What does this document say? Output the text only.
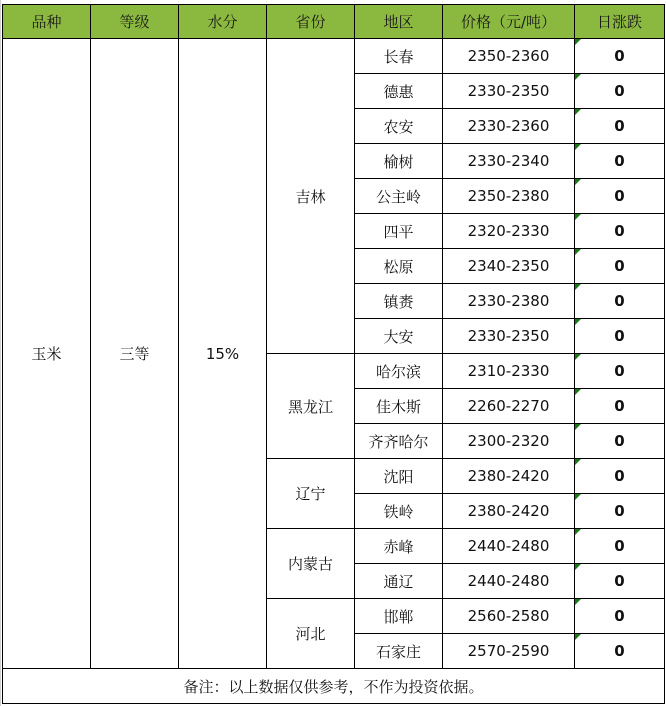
品种	等级	水分	省份	地区	价格（元/吨）	日涨跌
玉米	三等	15%	吉林	长春	2350-2360	0
				德惠	2330-2350	0
				农安	2330-2360	0
				榆树	2330-2340	0
				公主岭	2350-2380	0
				四平	2320-2330	0
				松原	2340-2350	0
				镇赉	2330-2380	0
				大安	2330-2350	0
			黑龙江	哈尔滨	2310-2330	0
				佳木斯	2260-2270	0
				齐齐哈尔	2300-2320	0
			辽宁	沈阳	2380-2420	0
				铁岭	2380-2420	0
			内蒙古	赤峰	2440-2480	0
				通辽	2440-2480	0
			河北	邯郸	2560-2580	0
				石家庄	2570-2590	0
备注：以上数据仅供参考，不作为投资依据。						
